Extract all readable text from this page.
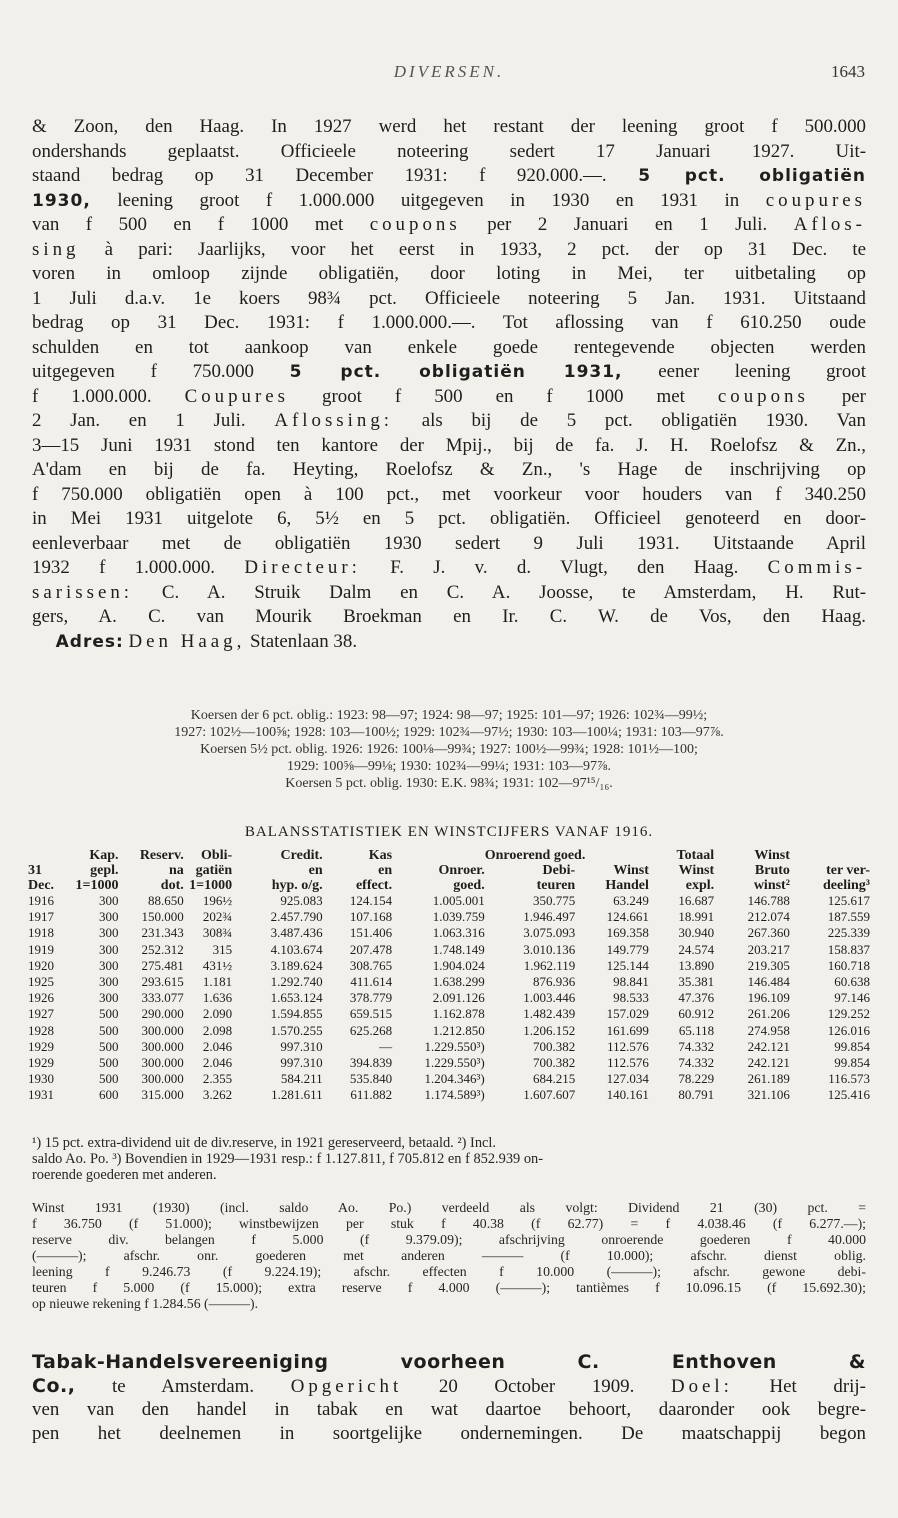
DIVERSEN.	1643
& Zoon, den Haag. In 1927 werd het restant der leening groot f 500.000
ondershands geplaatst. Officieele noteering sedert 17 Januari 1927. Uit-
staand bedrag op 31 December 1931: f 920.000.—. 5 pct. obligatiën
1930, leening groot f 1.000.000 uitgegeven in 1930 en 1931 in coupures
van f 500 en f 1000 met coupons per 2 Januari en 1 Juli. Aflos-
sing à pari: Jaarlijks, voor het eerst in 1933, 2 pct. der op 31 Dec. te
voren in omloop zijnde obligatiën, door loting in Mei, ter uitbetaling op
1 Juli d.a.v. 1e koers 98¾ pct. Officieele noteering 5 Jan. 1931. Uitstaand
bedrag op 31 Dec. 1931: f 1.000.000.—. Tot aflossing van f 610.250 oude
schulden en tot aankoop van enkele goede rentegevende objecten werden
uitgegeven f 750.000 5 pct. obligatiën 1931, eener leening groot
f 1.000.000. Coupures groot f 500 en f 1000 met coupons per
2 Jan. en 1 Juli. Aflossing: als bij de 5 pct. obligatiën 1930. Van
3—15 Juni 1931 stond ten kantore der Mpij., bij de fa. J. H. Roelofsz & Zn.,
A'dam en bij de fa. Heyting, Roelofsz & Zn., 's Hage de inschrijving op
f 750.000 obligatiën open à 100 pct., met voorkeur voor houders van f 340.250
in Mei 1931 uitgelote 6, 5½ en 5 pct. obligatiën. Officieel genoteerd en door-
eenleverbaar met de obligatiën 1930 sedert 9 Juli 1931. Uitstaande April
1932 f 1.000.000. Directeur: F. J. v. d. Vlugt, den Haag. Commis-
sarissen: C. A. Struik Dalm en C. A. Joosse, te Amsterdam, H. Rut-
gers, A. C. van Mourik Broekman en Ir. C. W. de Vos, den Haag.
Adres: Den Haag, Statenlaan 38.
Koersen der 6 pct. oblig.: 1923: 98—97; 1924: 98—97; 1925: 101—97; 1926: 102¾—99½;
1927: 102½—100⅝; 1928: 103—100½; 1929: 102¾—97½; 1930: 103—100¼; 1931: 103—97⅞.
Koersen 5½ pct. oblig. 1926: 1926: 100⅛—99¾; 1927: 100½—99¾; 1928: 101½—100;
1929: 100⅝—99⅛; 1930: 102¾—99¼; 1931: 103—97⅞.
Koersen 5 pct. oblig. 1930: E.K. 98¾; 1931: 102—97¹⁵/₁₆.
BALANSSTATISTIEK EN WINSTCIJFERS VANAF 1916.
	Kap.	Reserv.	Obli-	Credit.	Kas		Onroerend goed.		Totaal	Winst	
31	gepl.	na	gatiën	en	en	Onroer.	Debi-	Winst	Winst	Bruto	ter ver-
Dec.	1=1000	dot.	1=1000	hyp. o/g.	effect.	goed.	teuren	Handel	expl.	winst²	deeling³
1916	300	88.650	196½	925.083	124.154	1.005.001	350.775	63.249	16.687	146.788	125.617
1917	300	150.000	202¾	2.457.790	107.168	1.039.759	1.946.497	124.661	18.991	212.074	187.559
1918	300	231.343	308¾	3.487.436	151.406	1.063.316	3.075.093	169.358	30.940	267.360	225.339
1919	300	252.312	315	4.103.674	207.478	1.748.149	3.010.136	149.779	24.574	203.217	158.837
1920	300	275.481	431½	3.189.624	308.765	1.904.024	1.962.119	125.144	13.890	219.305	160.718
1925	300	293.615	1.181	1.292.740	411.614	1.638.299	876.936	98.841	35.381	146.484	60.638
1926	300	333.077	1.636	1.653.124	378.779	2.091.126	1.003.446	98.533	47.376	196.109	97.146
1927	500	290.000	2.090	1.594.855	659.515	1.162.878	1.482.439	157.029	60.912	261.206	129.252
1928	500	300.000	2.098	1.570.255	625.268	1.212.850	1.206.152	161.699	65.118	274.958	126.016
1929	500	300.000	2.046	997.310	—	1.229.550³)	700.382	112.576	74.332	242.121	99.854
1929	500	300.000	2.046	997.310	394.839	1.229.550³)	700.382	112.576	74.332	242.121	99.854
1930	500	300.000	2.355	584.211	535.840	1.204.346³)	684.215	127.034	78.229	261.189	116.573
1931	600	315.000	3.262	1.281.611	611.882	1.174.589³)	1.607.607	140.161	80.791	321.106	125.416
¹) 15 pct. extra-dividend uit de div.reserve, in 1921 gereserveerd, betaald. ²) Incl.
saldo Ao. Po. ³) Bovendien in 1929—1931 resp.: f 1.127.811, f 705.812 en f 852.939 on-
roerende goederen met anderen.
Winst 1931 (1930) (incl. saldo Ao. Po.) verdeeld als volgt: Dividend 21 (30) pct. =
f 36.750 (f 51.000); winstbewijzen per stuk f 40.38 (f 62.77) = f 4.038.46 (f 6.277.—);
reserve div. belangen f 5.000 (f 9.379.09); afschrijving onroerende goederen f 40.000
(———); afschr. onr. goederen met anderen ——— (f 10.000); afschr. dienst oblig.
leening f 9.246.73 (f 9.224.19); afschr. effecten f 10.000 (———); afschr. gewone debi-
teuren f 5.000 (f 15.000); extra reserve f 4.000 (———); tantièmes f 10.096.15 (f 15.692.30);
op nieuwe rekening f 1.284.56 (———).
Tabak-Handelsvereeniging voorheen C. Enthoven &
Co., te Amsterdam. Opgericht 20 October 1909. Doel: Het drij-
ven van den handel in tabak en wat daartoe behoort, daaronder ook begre-
pen het deelnemen in soortgelijke ondernemingen. De maatschappij begon
